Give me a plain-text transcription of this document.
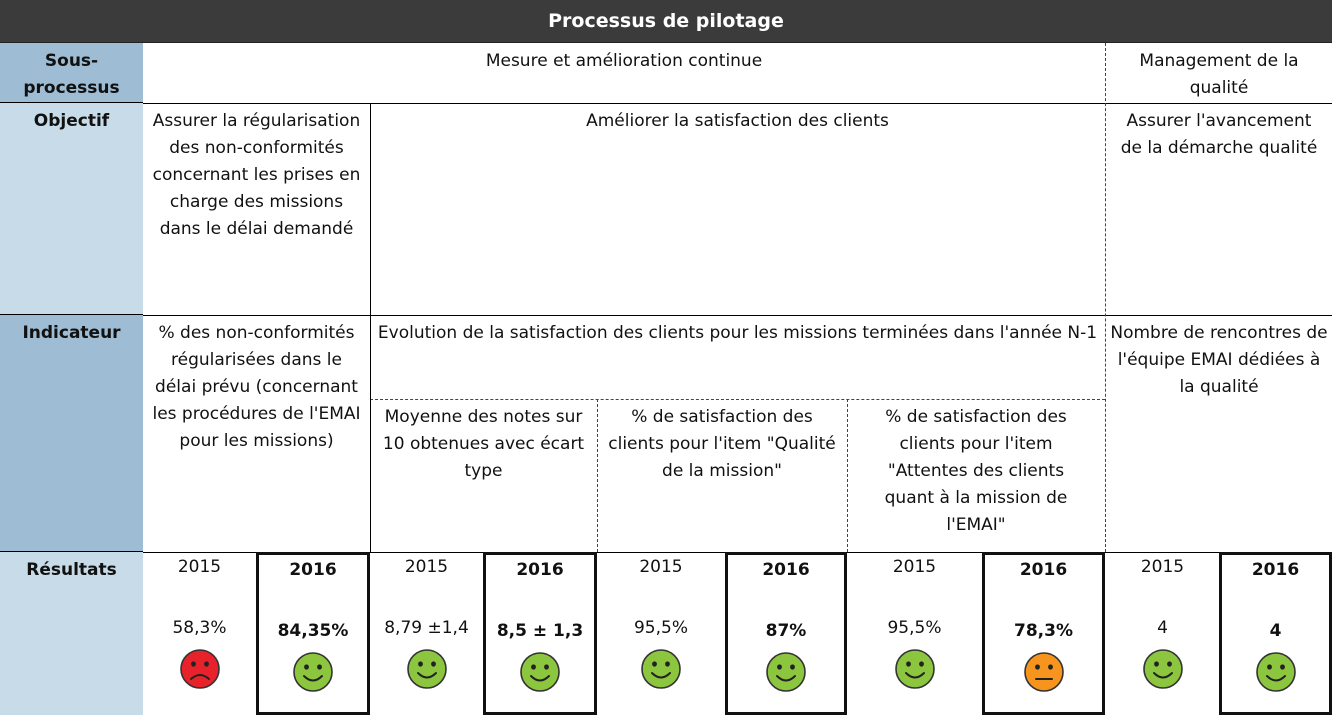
Processus de pilotage
Sous-processus
Objectif
Indicateur
Résultats
Mesure et amélioration continue	Management de la qualité
Assurer la régularisation des non-conformités concernant les prises en charge des missions dans le délai demandé
Améliorer la satisfaction des clients	Assurer l'avancement de la démarche qualité
% des non-conformités régularisées dans le délai prévu (concernant les procédures de l'EMAI pour les missions)
Evolution de la satisfaction des clients pour les missions terminées dans l'année N-1
Moyenne des notes sur 10 obtenues avec écart type
% de satisfaction des clients pour l'item "Qualité de la mission"
% de satisfaction des clients pour l'item "Attentes des clients quant à la mission de l'EMAI"
Nombre de rencontres de l'équipe EMAI dédiées à la qualité
2015
58,3%
2016
84,35%
2015
8,79 ±1,4
2016
8,5 ± 1,3
2015
95,5%
2016
87%
2015
95,5%
2016
78,3%
2015
4
2016
4
